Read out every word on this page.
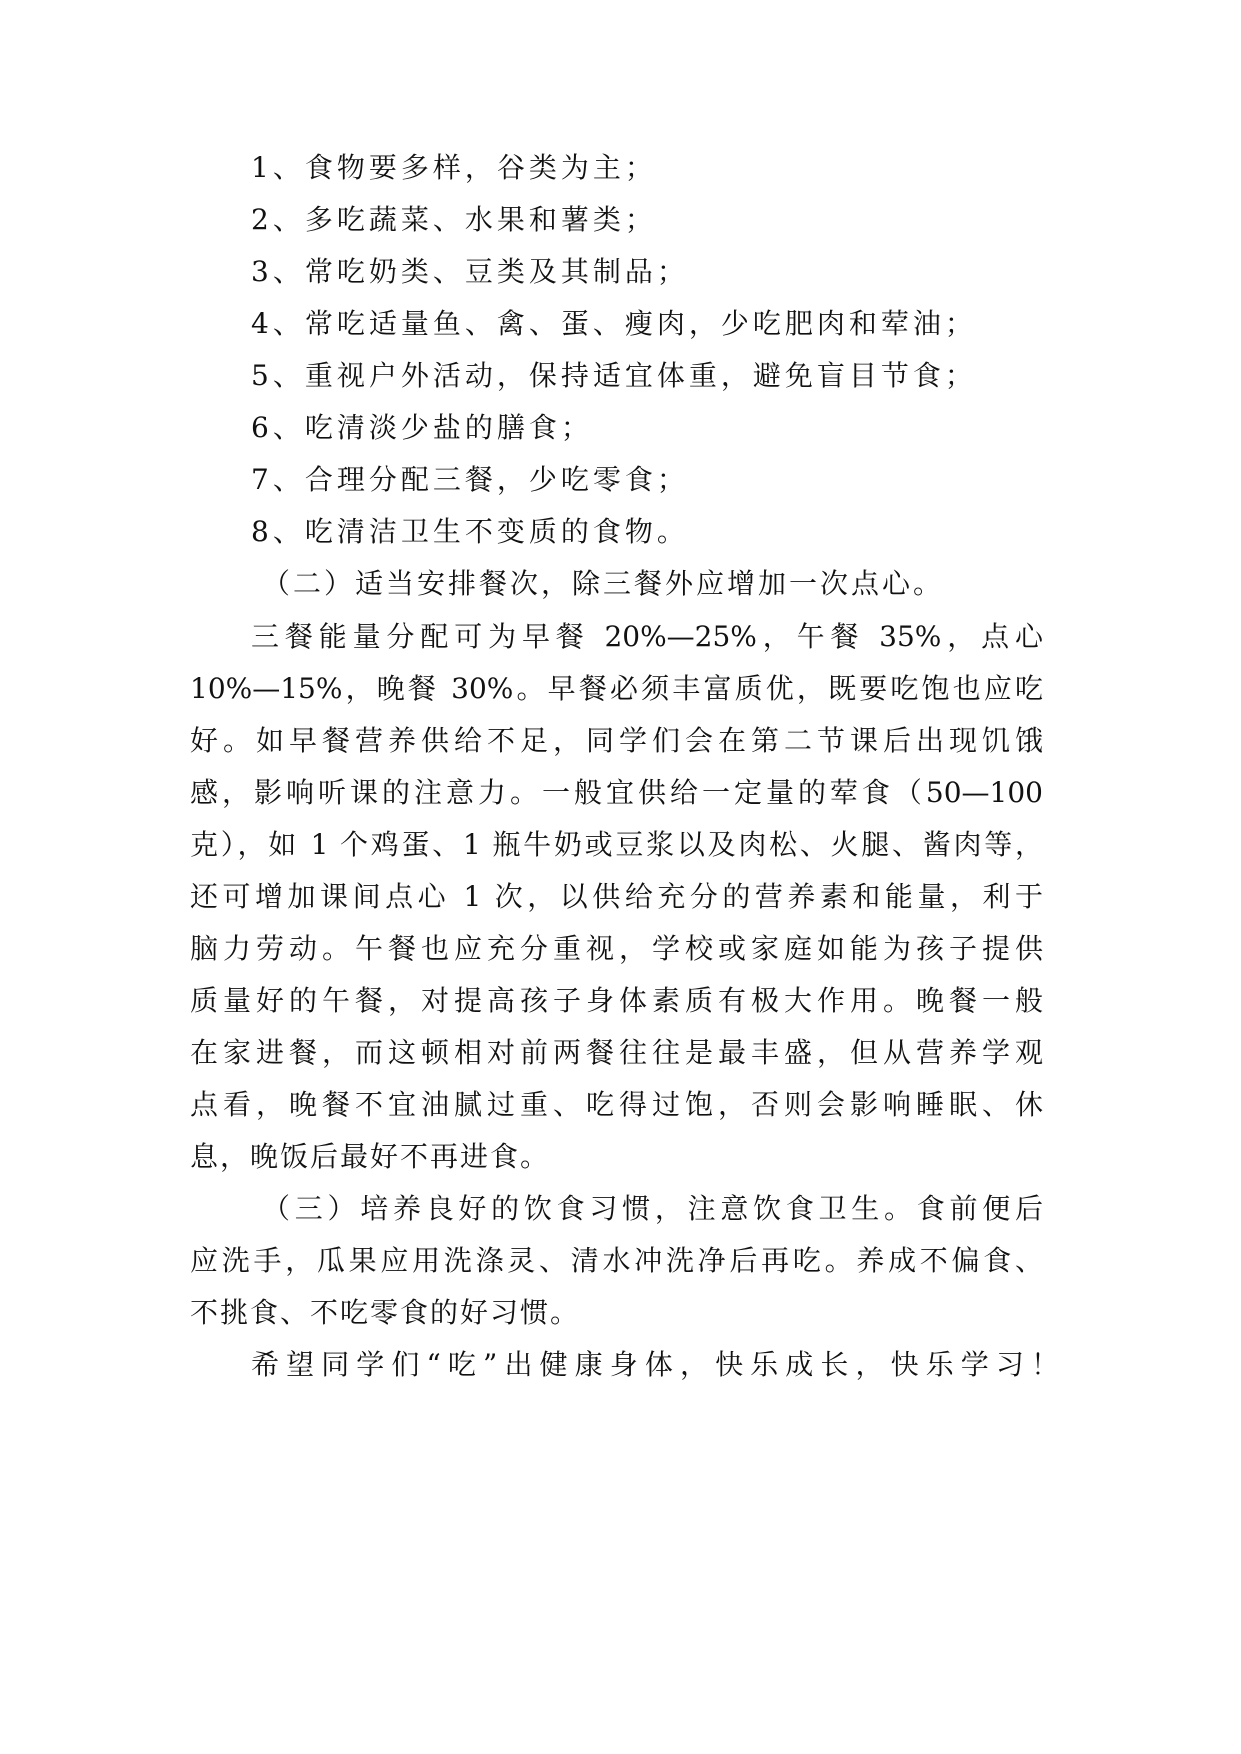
1、食物要多样，谷类为主；
2、多吃蔬菜、水果和薯类；
3、常吃奶类、豆类及其制品；
4、常吃适量鱼、禽、蛋、瘦肉，少吃肥肉和荤油；
5、重视户外活动，保持适宜体重，避免盲目节食；
6、吃清淡少盐的膳食；
7、合理分配三餐，少吃零食；
8、吃清洁卫生不变质的食物。
（二）适当安排餐次，除三餐外应增加一次点心。
三餐能量分配可为早餐 20%—25%，午餐 35%，点心
10%—15%，晚餐 30%。早餐必须丰富质优，既要吃饱也应吃
好。如早餐营养供给不足，同学们会在第二节课后出现饥饿
感，影响听课的注意力。一般宜供给一定量的荤食（50—100
克），如 1 个鸡蛋、1 瓶牛奶或豆浆以及肉松、火腿、酱肉等，
还可增加课间点心 1 次，以供给充分的营养素和能量，利于
脑力劳动。午餐也应充分重视，学校或家庭如能为孩子提供
质量好的午餐，对提高孩子身体素质有极大作用。晚餐一般
在家进餐，而这顿相对前两餐往往是最丰盛，但从营养学观
点看，晚餐不宜油腻过重、吃得过饱，否则会影响睡眠、休
息，晚饭后最好不再进食。
（三）培养良好的饮食习惯，注意饮食卫生。食前便后
应洗手，瓜果应用洗涤灵、清水冲洗净后再吃。养成不偏食、
不挑食、不吃零食的好习惯。
希望同学们“吃”出健康身体，快乐成长，快乐学习！
